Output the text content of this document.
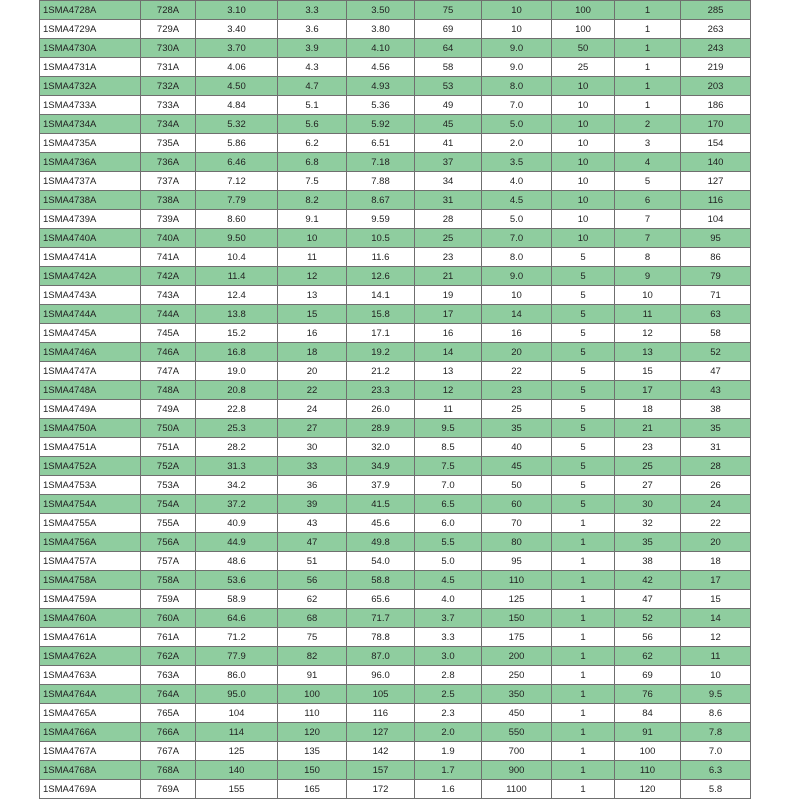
1SMA4728A	728A	3.10	3.3	3.50	75	10	100	1	285
1SMA4729A	729A	3.40	3.6	3.80	69	10	100	1	263
1SMA4730A	730A	3.70	3.9	4.10	64	9.0	50	1	243
1SMA4731A	731A	4.06	4.3	4.56	58	9.0	25	1	219
1SMA4732A	732A	4.50	4.7	4.93	53	8.0	10	1	203
1SMA4733A	733A	4.84	5.1	5.36	49	7.0	10	1	186
1SMA4734A	734A	5.32	5.6	5.92	45	5.0	10	2	170
1SMA4735A	735A	5.86	6.2	6.51	41	2.0	10	3	154
1SMA4736A	736A	6.46	6.8	7.18	37	3.5	10	4	140
1SMA4737A	737A	7.12	7.5	7.88	34	4.0	10	5	127
1SMA4738A	738A	7.79	8.2	8.67	31	4.5	10	6	116
1SMA4739A	739A	8.60	9.1	9.59	28	5.0	10	7	104
1SMA4740A	740A	9.50	10	10.5	25	7.0	10	7	95
1SMA4741A	741A	10.4	11	11.6	23	8.0	5	8	86
1SMA4742A	742A	11.4	12	12.6	21	9.0	5	9	79
1SMA4743A	743A	12.4	13	14.1	19	10	5	10	71
1SMA4744A	744A	13.8	15	15.8	17	14	5	11	63
1SMA4745A	745A	15.2	16	17.1	16	16	5	12	58
1SMA4746A	746A	16.8	18	19.2	14	20	5	13	52
1SMA4747A	747A	19.0	20	21.2	13	22	5	15	47
1SMA4748A	748A	20.8	22	23.3	12	23	5	17	43
1SMA4749A	749A	22.8	24	26.0	11	25	5	18	38
1SMA4750A	750A	25.3	27	28.9	9.5	35	5	21	35
1SMA4751A	751A	28.2	30	32.0	8.5	40	5	23	31
1SMA4752A	752A	31.3	33	34.9	7.5	45	5	25	28
1SMA4753A	753A	34.2	36	37.9	7.0	50	5	27	26
1SMA4754A	754A	37.2	39	41.5	6.5	60	5	30	24
1SMA4755A	755A	40.9	43	45.6	6.0	70	1	32	22
1SMA4756A	756A	44.9	47	49.8	5.5	80	1	35	20
1SMA4757A	757A	48.6	51	54.0	5.0	95	1	38	18
1SMA4758A	758A	53.6	56	58.8	4.5	110	1	42	17
1SMA4759A	759A	58.9	62	65.6	4.0	125	1	47	15
1SMA4760A	760A	64.6	68	71.7	3.7	150	1	52	14
1SMA4761A	761A	71.2	75	78.8	3.3	175	1	56	12
1SMA4762A	762A	77.9	82	87.0	3.0	200	1	62	11
1SMA4763A	763A	86.0	91	96.0	2.8	250	1	69	10
1SMA4764A	764A	95.0	100	105	2.5	350	1	76	9.5
1SMA4765A	765A	104	110	116	2.3	450	1	84	8.6
1SMA4766A	766A	114	120	127	2.0	550	1	91	7.8
1SMA4767A	767A	125	135	142	1.9	700	1	100	7.0
1SMA4768A	768A	140	150	157	1.7	900	1	110	6.3
1SMA4769A	769A	155	165	172	1.6	1100	1	120	5.8
